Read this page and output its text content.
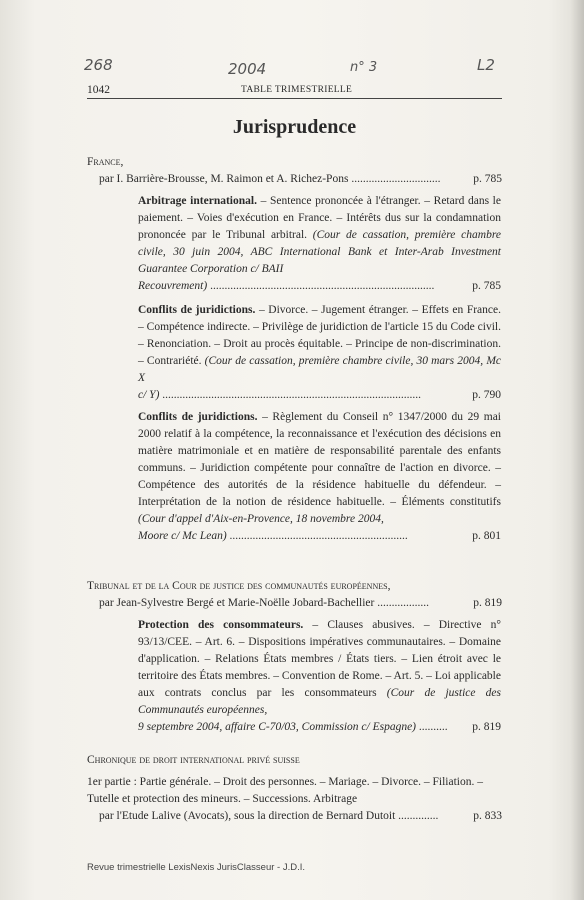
268	2004	n° 3	L2
1042	TABLE TRIMESTRIELLE
Jurisprudence
France,
par I. Barrière-Brousse, M. Raimon et A. Richez-Pons ...............................	p. 785
Arbitrage international. – Sentence prononcée à l'étranger. – Retard dans le paiement. – Voies d'exécution en France. – Intérêts dus sur la condamnation prononcée par le Tribunal arbitral. (Cour de cassation, première chambre civile, 30 juin 2004, ABC International Bank et Inter-Arab Investment Guarantee Corporation c/ BAII
Recouvrement) ..............................................................................	p. 785
Conflits de juridictions. – Divorce. – Jugement étranger. – Effets en France. – Compétence indirecte. – Privilège de juridiction de l'article 15 du Code civil. – Renonciation. – Droit au procès équitable. – Principe de non-discrimination. – Contrariété. (Cour de cassation, première chambre civile, 30 mars 2004, Mc X
c/ Y) ..........................................................................................	p. 790
Conflits de juridictions. – Règlement du Conseil n° 1347/2000 du 29 mai 2000 relatif à la compétence, la reconnaissance et l'exécution des décisions en matière matrimoniale et en matière de responsabilité parentale des enfants communs. – Juridiction compétente pour connaître de l'action en divorce. – Compétence des autorités de la résidence habituelle du défendeur. – Interprétation de la notion de résidence habituelle. – Éléments constitutifs (Cour d'appel d'Aix-en-Provence, 18 novembre 2004,
Moore c/ Mc Lean) ..............................................................	p. 801
Tribunal et de la Cour de justice des communautés européennes,
par Jean-Sylvestre Bergé et Marie-Noëlle Jobard-Bachellier ..................	p. 819
Protection des consommateurs. – Clauses abusives. – Directive n° 93/13/CEE. – Art. 6. – Dispositions impératives communautaires. – Domaine d'application. – Relations États membres / États tiers. – Lien étroit avec le territoire des États membres. – Convention de Rome. – Art. 5. – Loi applicable aux contrats conclus par les consommateurs (Cour de justice des Communautés européennes,
9 septembre 2004, affaire C-70/03, Commission c/ Espagne) .......... p. 819
Chronique de droit international privé suisse
1er partie : Partie générale. – Droit des personnes. – Mariage. – Divorce. – Filiation. – Tutelle et protection des mineurs. – Successions. Arbitrage
par l'Etude Lalive (Avocats), sous la direction de Bernard Dutoit ..............	p. 833
Revue trimestrielle LexisNexis JurisClasseur - J.D.I.
